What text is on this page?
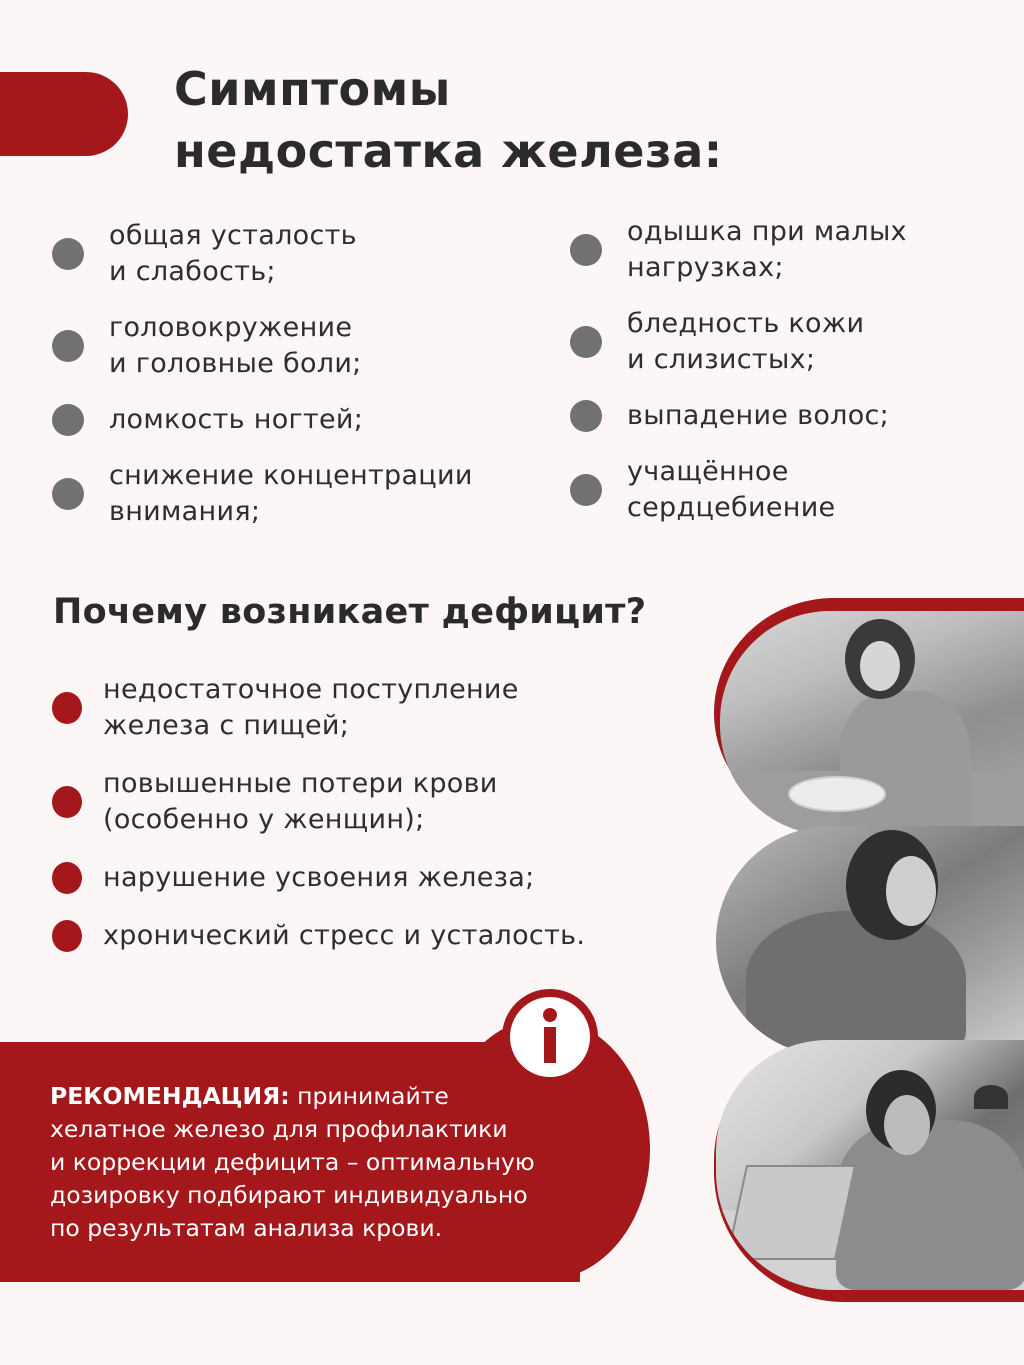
Симптомы
недостатка железа:
общая усталость
и слабость;
головокружение
и головные боли;
ломкость ногтей;
снижение концентрации
внимания;
одышка при малых
нагрузках;
бледность кожи
и слизистых;
выпадение волос;
учащённое
сердцебиение
Почему возникает дефицит?
недостаточное поступление
железа с пищей;
повышенные потери крови
(особенно у женщин);
нарушение усвоения железа;
хронический стресс и усталость.
РЕКОМЕНДАЦИЯ: принимайте
хелатное железо для профилактики
и коррекции дефицита – оптимальную
дозировку подбирают индивидуально
по результатам анализа крови.
